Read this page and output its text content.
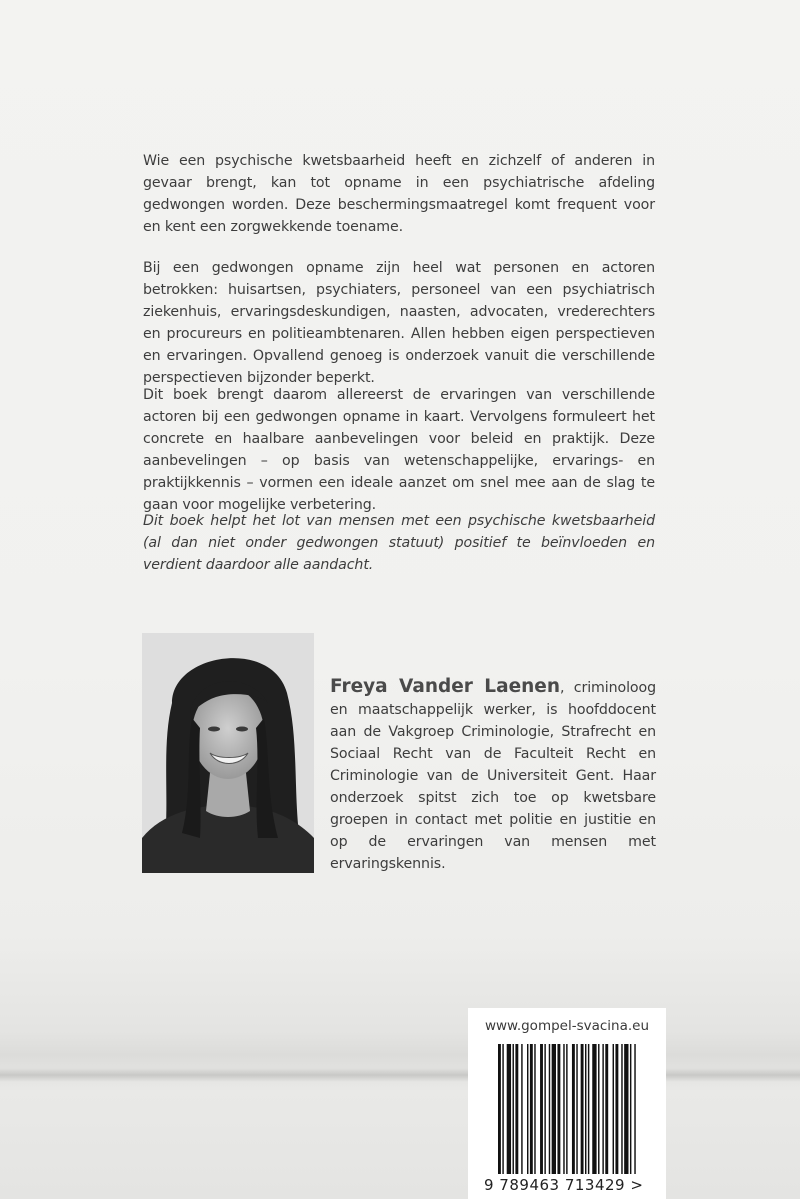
Wie een psychische kwetsbaarheid heeft en zichzelf of anderen in gevaar brengt, kan tot opname in een psychiatrische afdeling gedwongen worden. Deze beschermingsmaatregel komt frequent voor en kent een zorgwekkende toename.

Bij een gedwongen opname zijn heel wat personen en actoren betrokken: huisartsen, psychiaters, personeel van een psychiatrisch ziekenhuis, ervaringsdeskundigen, naasten, advocaten, vrederechters en procureurs en politieambtenaren. Allen hebben eigen perspectieven en ervaringen. Opvallend genoeg is onderzoek vanuit die verschillende perspectieven bijzonder beperkt.

Dit boek brengt daarom allereerst de ervaringen van verschillende actoren bij een gedwongen opname in kaart. Vervolgens formuleert het concrete en haalbare aanbevelingen voor beleid en praktijk. Deze aanbevelingen – op basis van wetenschappelijke, ervarings- en praktijkkennis – vormen een ideale aanzet om snel mee aan de slag te gaan voor mogelijke verbetering.

Dit boek helpt het lot van mensen met een psychische kwetsbaarheid (al dan niet onder gedwongen statuut) positief te beïnvloeden en verdient daardoor alle aandacht.

Freya Vander Laenen, criminoloog en maatschappelijk werker, is hoofddocent aan de Vakgroep Criminologie, Strafrecht en Sociaal Recht van de Faculteit Recht en Criminologie van de Universiteit Gent. Haar onderzoek spitst zich toe op kwetsbare groepen in contact met politie en justitie en op de ervaringen van mensen met ervaringskennis.

www.gompel-svacina.eu
9 789463 713429 >
